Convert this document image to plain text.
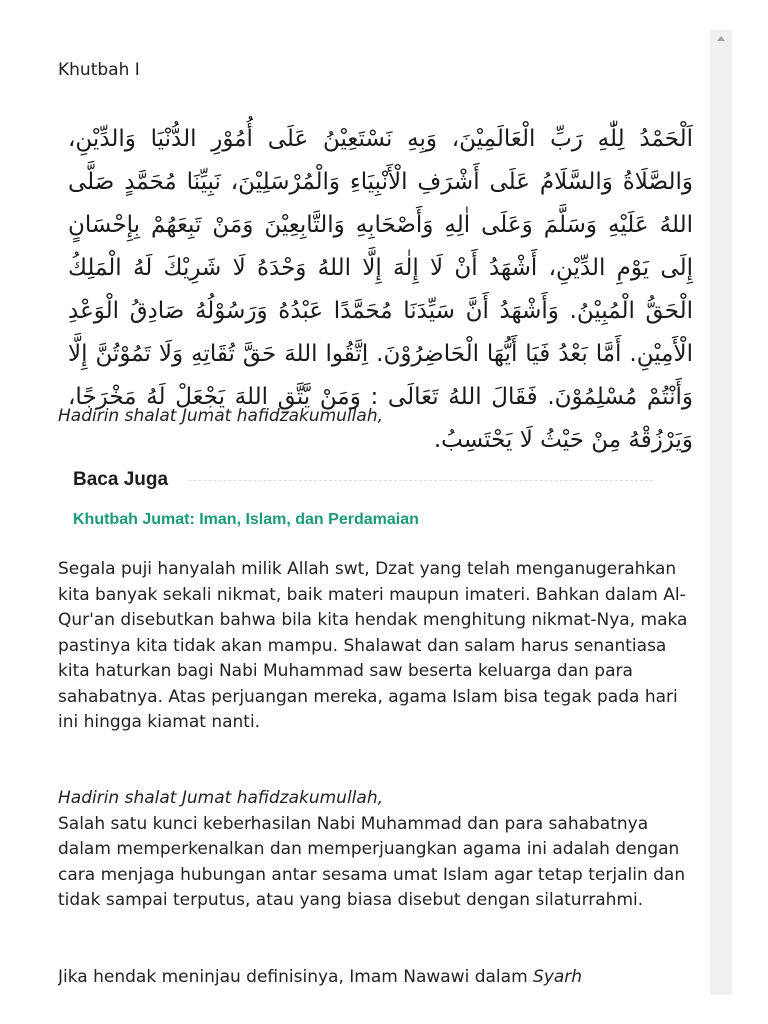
Khutbah I
اَلْحَمْدُ لِلّٰهِ رَبِّ الْعَالَمِيْنَ، وَبِهِ نَسْتَعِيْنُ عَلَى أُمُوْرِ الدُّنْيَا وَالدِّيْنِ، وَالصَّلَاةُ وَالسَّلَامُ عَلَى أَشْرَفِ الْأَنْبِيَاءِ وَالْمُرْسَلِيْنَ، نَبِيِّنَا مُحَمَّدٍ صَلَّى اللهُ عَلَيْهِ وَسَلَّمَ وَعَلَى اٰلِهِ وَأَصْحَابِهِ وَالتَّابِعِيْنَ وَمَنْ تَبِعَهُمْ بِإِحْسَانٍ إِلَى يَوْمِ الدِّيْنِ، أَشْهَدُ أَنْ لَا إِلٰهَ إِلَّا اللهُ وَحْدَهُ لَا شَرِيْكَ لَهُ الْمَلِكُ الْحَقُّ الْمُبِيْنُ. وَأَشْهَدُ أَنَّ سَيِّدَنَا مُحَمَّدًا عَبْدُهُ وَرَسُوْلُهُ صَادِقُ الْوَعْدِ الْأَمِيْنِ. أَمَّا بَعْدُ فَيَا أَيُّهَا الْحَاضِرُوْنَ. اِتَّقُوا اللهَ حَقَّ تُقَاتِهِ وَلَا تَمُوْتُنَّ إِلَّا وَأَنْتُمْ مُسْلِمُوْنَ. فَقَالَ اللهُ تَعَالَى : وَمَنْ يَّتَّقِ اللهَ يَجْعَلْ لَهُ مَخْرَجًا، وَيَرْزُقْهُ مِنْ حَيْثُ لَا يَحْتَسِبُ.
Hadirin shalat Jumat hafidzakumullah,
Baca Juga
Khutbah Jumat: Iman, Islam, dan Perdamaian

Segala puji hanyalah milik Allah swt, Dzat yang telah menganugerahkan kita banyak sekali nikmat, baik materi maupun imateri. Bahkan dalam Al-Qur'an disebutkan bahwa bila kita hendak menghitung nikmat-Nya, maka pastinya kita tidak akan mampu. Shalawat dan salam harus senantiasa kita haturkan bagi Nabi Muhammad saw beserta keluarga dan para sahabatnya. Atas perjuangan mereka, agama Islam bisa tegak pada hari ini hingga kiamat nanti.

Hadirin shalat Jumat hafidzakumullah,
Salah satu kunci keberhasilan Nabi Muhammad dan para sahabatnya dalam memperkenalkan dan memperjuangkan agama ini adalah dengan cara menjaga hubungan antar sesama umat Islam agar tetap terjalin dan tidak sampai terputus, atau yang biasa disebut dengan silaturrahmi.

Jika hendak meninjau definisinya, Imam Nawawi dalam Syarh
